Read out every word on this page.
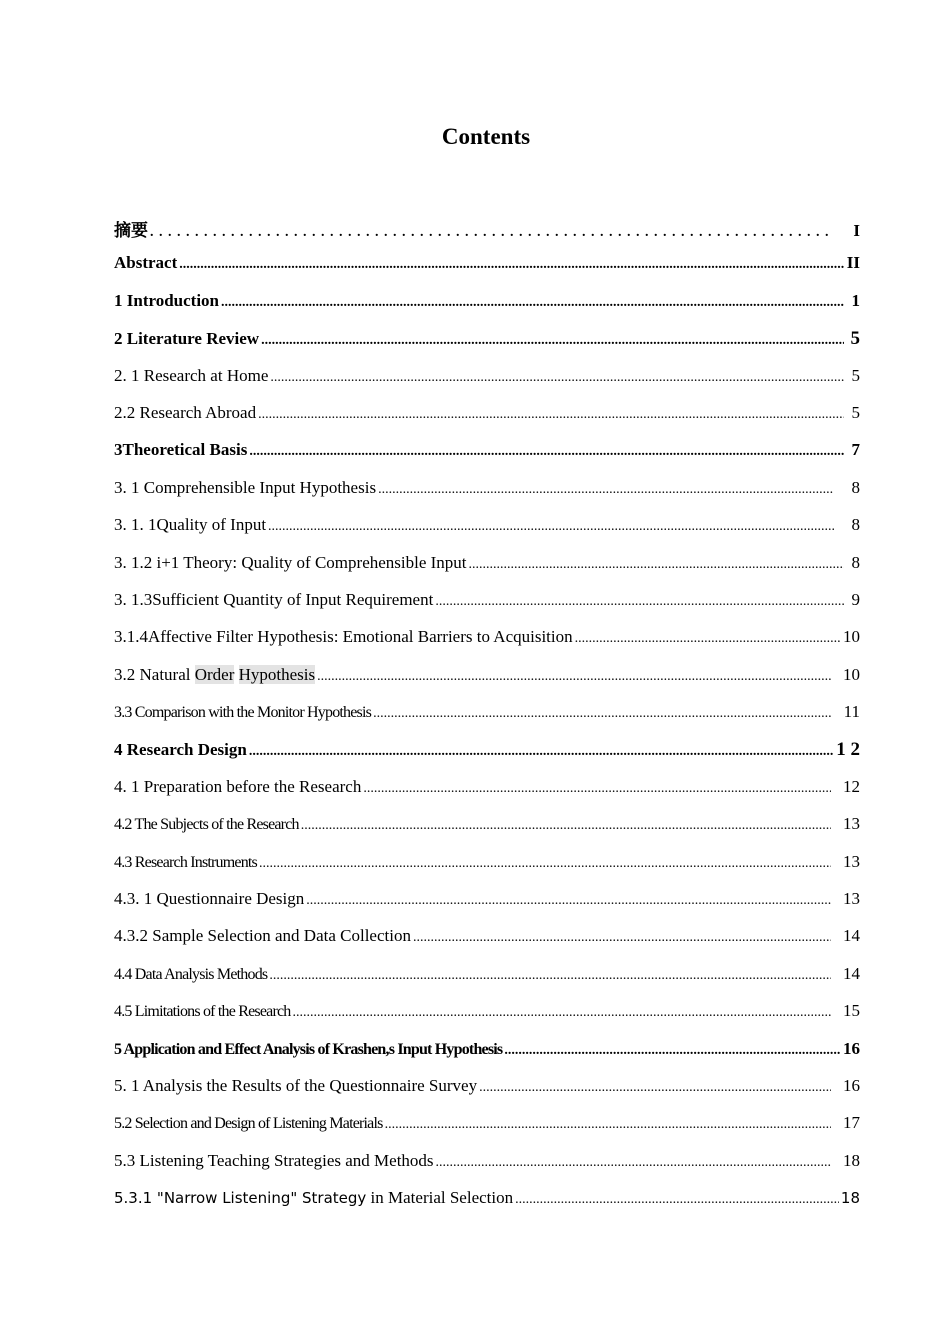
Contents
摘要 . . .	I
Abstract .....	II
1 Introduction .....	1
2 Literature Review .....	5
2. 1 Research at Home .....	5
2.2 Research Abroad .....	5
3Theoretical Basis .....	7
3. 1 Comprehensible Input Hypothesis .....	8
3. 1. 1Quality of Input .....	8
3. 1.2 i+1 Theory: Quality of Comprehensible Input .....	8
3. 1.3Sufficient Quantity of Input Requirement .....	9
3.1.4Affective Filter Hypothesis: Emotional Barriers to Acquisition .....	10
3.2 Natural Order Hypothesis .....	10
3.3 Comparison with the Monitor Hypothesis .....	11
4 Research Design .....	1 2
4. 1 Preparation before the Research .....	12
4.2 The Subjects of the Research .....	13
4.3 Research Instruments .....	13
4.3. 1 Questionnaire Design .....	13
4.3.2 Sample Selection and Data Collection .....	14
4.4 Data Analysis Methods .....	14
4.5 Limitations of the Research .....	15
5 Application and Effect Analysis of Krashen,s Input Hypothesis .....	16
5. 1 Analysis the Results of the Questionnaire Survey .....	16
5.2 Selection and Design of Listening Materials .....	17
5.3 Listening Teaching Strategies and Methods .....	18
5.3.1 "Narrow Listening" Strategy in Material Selection .....	18
